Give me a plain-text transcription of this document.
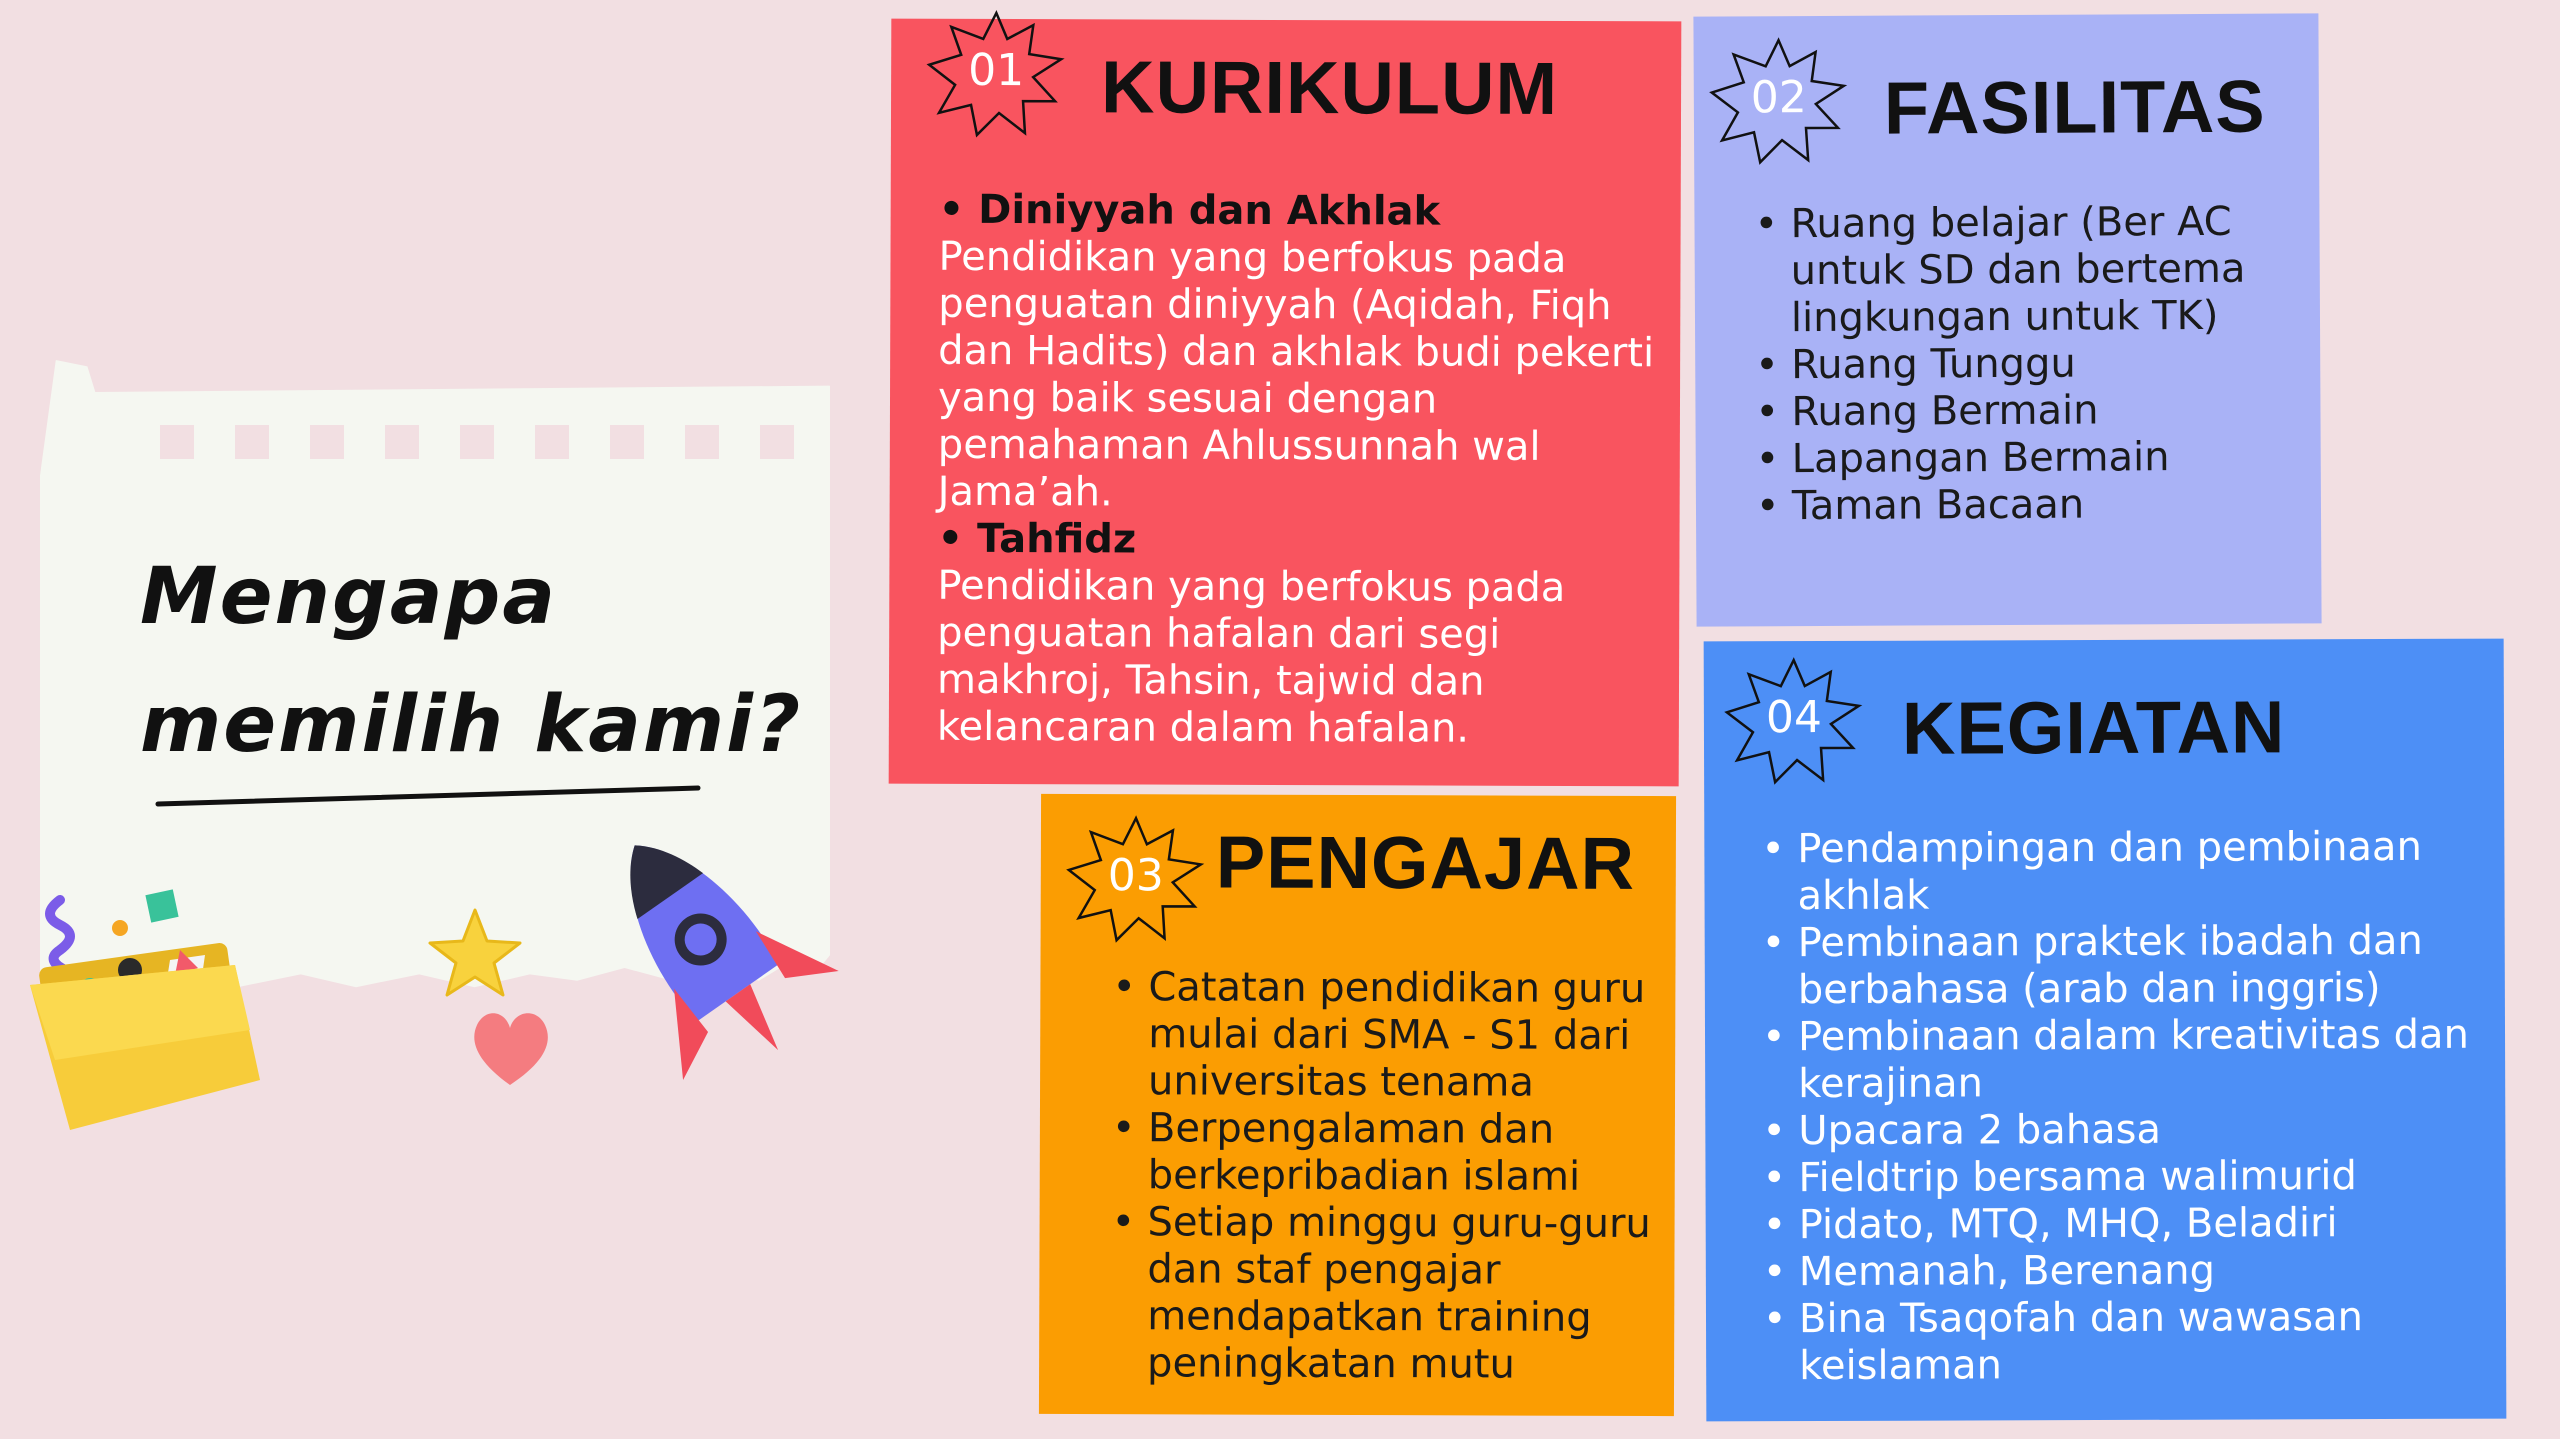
Mengapa
memilih kami?
01 KURIKULUM
• Diniyyah dan Akhlak
Pendidikan yang berfokus pada penguatan diniyyah (Aqidah, Fiqh dan Hadits) dan akhlak budi pekerti yang baik sesuai dengan pemahaman Ahlussunnah wal Jama’ah.
• Tahfidz
Pendidikan yang berfokus pada penguatan hafalan dari segi makhroj, Tahsin, tajwid dan kelancaran dalam hafalan.
02 FASILITAS
• Ruang belajar (Ber AC untuk SD dan bertema lingkungan untuk TK)
• Ruang Tunggu
• Ruang Bermain
• Lapangan Bermain
• Taman Bacaan
03 PENGAJAR
• Catatan pendidikan guru mulai dari SMA - S1 dari universitas tenama
• Berpengalaman dan berkepribadian islami
• Setiap minggu guru-guru dan staf pengajar mendapatkan training peningkatan mutu
04 KEGIATAN
• Pendampingan dan pembinaan akhlak
• Pembinaan praktek ibadah dan berbahasa (arab dan inggris)
• Pembinaan dalam kreativitas dan kerajinan
• Upacara 2 bahasa
• Fieldtrip bersama walimurid
• Pidato, MTQ, MHQ, Beladiri
• Memanah, Berenang
• Bina Tsaqofah dan wawasan keislaman
